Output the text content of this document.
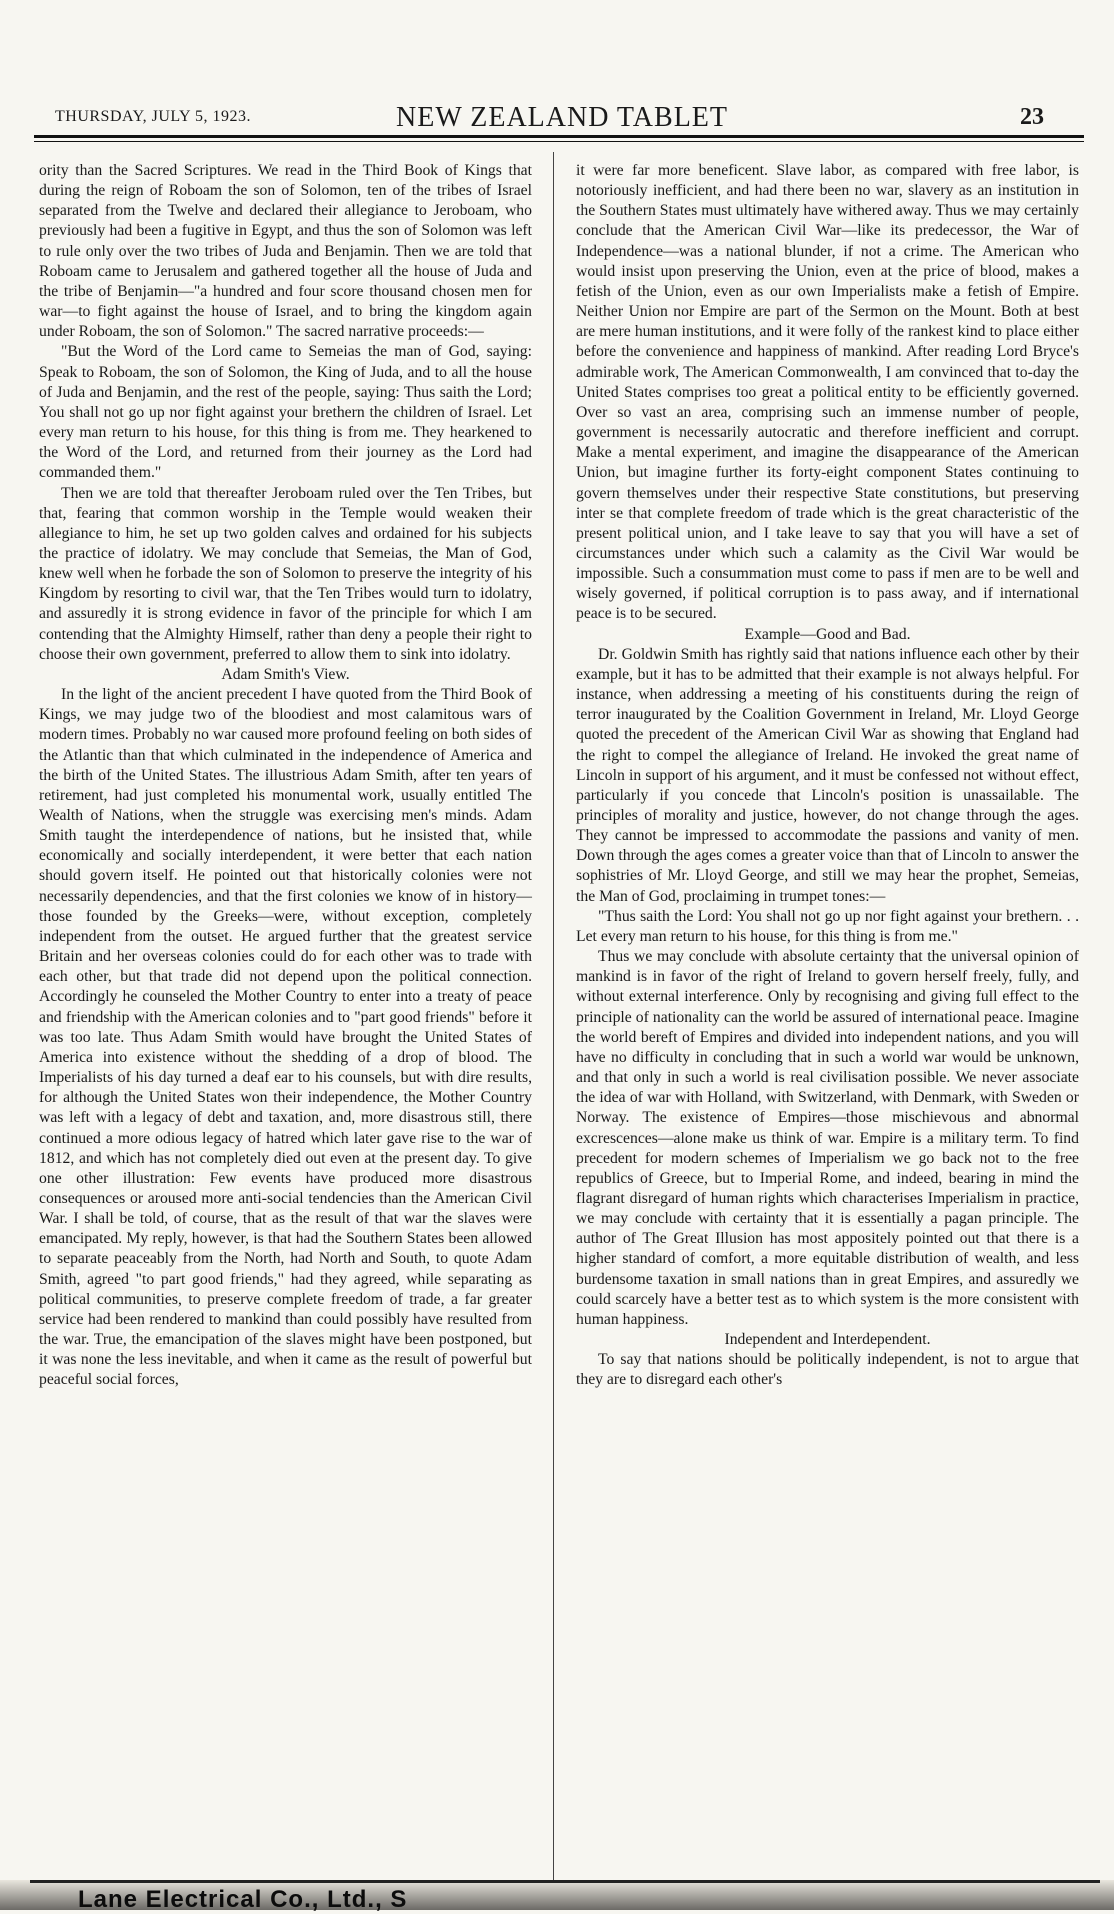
THURSDAY, JULY 5, 1923.	NEW ZEALAND TABLET	23

ority than the Sacred Scriptures. We read in the Third Book of Kings that during the reign of Roboam the son of Solomon, ten of the tribes of Israel separated from the Twelve and declared their allegiance to Jeroboam, who previously had been a fugitive in Egypt, and thus the son of Solomon was left to rule only over the two tribes of Juda and Benjamin. Then we are told that Roboam came to Jerusalem and gathered together all the house of Juda and the tribe of Benjamin—"a hundred and four score thousand chosen men for war—to fight against the house of Israel, and to bring the kingdom again under Roboam, the son of Solomon." The sacred narrative proceeds:—

"But the Word of the Lord came to Semeias the man of God, saying: Speak to Roboam, the son of Solomon, the King of Juda, and to all the house of Juda and Benjamin, and the rest of the people, saying: Thus saith the Lord; You shall not go up nor fight against your brethern the children of Israel. Let every man return to his house, for this thing is from me. They hearkened to the Word of the Lord, and returned from their journey as the Lord had commanded them."

Then we are told that thereafter Jeroboam ruled over the Ten Tribes, but that, fearing that common worship in the Temple would weaken their allegiance to him, he set up two golden calves and ordained for his subjects the practice of idolatry. We may conclude that Semeias, the Man of God, knew well when he forbade the son of Solomon to preserve the integrity of his Kingdom by resorting to civil war, that the Ten Tribes would turn to idolatry, and assuredly it is strong evidence in favor of the principle for which I am contending that the Almighty Himself, rather than deny a people their right to choose their own government, preferred to allow them to sink into idolatry.

Adam Smith's View.

In the light of the ancient precedent I have quoted from the Third Book of Kings, we may judge two of the bloodiest and most calamitous wars of modern times. Probably no war caused more profound feeling on both sides of the Atlantic than that which culminated in the independence of America and the birth of the United States. The illustrious Adam Smith, after ten years of retirement, had just completed his monumental work, usually entitled The Wealth of Nations, when the struggle was exercising men's minds. Adam Smith taught the interdependence of nations, but he insisted that, while economically and socially interdependent, it were better that each nation should govern itself. He pointed out that historically colonies were not necessarily dependencies, and that the first colonies we know of in history—those founded by the Greeks—were, without exception, completely independent from the outset. He argued further that the greatest service Britain and her overseas colonies could do for each other was to trade with each other, but that trade did not depend upon the political connection. Accordingly he counseled the Mother Country to enter into a treaty of peace and friendship with the American colonies and to "part good friends" before it was too late. Thus Adam Smith would have brought the United States of America into existence without the shedding of a drop of blood. The Imperialists of his day turned a deaf ear to his counsels, but with dire results, for although the United States won their independence, the Mother Country was left with a legacy of debt and taxation, and, more disastrous still, there continued a more odious legacy of hatred which later gave rise to the war of 1812, and which has not completely died out even at the present day. To give one other illustration: Few events have produced more disastrous consequences or aroused more anti-social tendencies than the American Civil War. I shall be told, of course, that as the result of that war the slaves were emancipated. My reply, however, is that had the Southern States been allowed to separate peaceably from the North, had North and South, to quote Adam Smith, agreed "to part good friends," had they agreed, while separating as political communities, to preserve complete freedom of trade, a far greater service had been rendered to mankind than could possibly have resulted from the war. True, the emancipation of the slaves might have been postponed, but it was none the less inevitable, and when it came as the result of powerful but peaceful social forces,

it were far more beneficent. Slave labor, as compared with free labor, is notoriously inefficient, and had there been no war, slavery as an institution in the Southern States must ultimately have withered away. Thus we may certainly conclude that the American Civil War—like its predecessor, the War of Independence—was a national blunder, if not a crime. The American who would insist upon preserving the Union, even at the price of blood, makes a fetish of the Union, even as our own Imperialists make a fetish of Empire. Neither Union nor Empire are part of the Sermon on the Mount. Both at best are mere human institutions, and it were folly of the rankest kind to place either before the convenience and happiness of mankind. After reading Lord Bryce's admirable work, The American Commonwealth, I am convinced that to-day the United States comprises too great a political entity to be efficiently governed. Over so vast an area, comprising such an immense number of people, government is necessarily autocratic and therefore inefficient and corrupt. Make a mental experiment, and imagine the disappearance of the American Union, but imagine further its forty-eight component States continuing to govern themselves under their respective State constitutions, but preserving inter se that complete freedom of trade which is the great characteristic of the present political union, and I take leave to say that you will have a set of circumstances under which such a calamity as the Civil War would be impossible. Such a consummation must come to pass if men are to be well and wisely governed, if political corruption is to pass away, and if international peace is to be secured.

Example—Good and Bad.

Dr. Goldwin Smith has rightly said that nations influence each other by their example, but it has to be admitted that their example is not always helpful. For instance, when addressing a meeting of his constituents during the reign of terror inaugurated by the Coalition Government in Ireland, Mr. Lloyd George quoted the precedent of the American Civil War as showing that England had the right to compel the allegiance of Ireland. He invoked the great name of Lincoln in support of his argument, and it must be confessed not without effect, particularly if you concede that Lincoln's position is unassailable. The principles of morality and justice, however, do not change through the ages. They cannot be impressed to accommodate the passions and vanity of men. Down through the ages comes a greater voice than that of Lincoln to answer the sophistries of Mr. Lloyd George, and still we may hear the prophet, Semeias, the Man of God, proclaiming in trumpet tones:—

"Thus saith the Lord: You shall not go up nor fight against your brethern. . . Let every man return to his house, for this thing is from me."

Thus we may conclude with absolute certainty that the universal opinion of mankind is in favor of the right of Ireland to govern herself freely, fully, and without external interference. Only by recognising and giving full effect to the principle of nationality can the world be assured of international peace. Imagine the world bereft of Empires and divided into independent nations, and you will have no difficulty in concluding that in such a world war would be unknown, and that only in such a world is real civilisation possible. We never associate the idea of war with Holland, with Switzerland, with Denmark, with Sweden or Norway. The existence of Empires—those mischievous and abnormal excrescences—alone make us think of war. Empire is a military term. To find precedent for modern schemes of Imperialism we go back not to the free republics of Greece, but to Imperial Rome, and indeed, bearing in mind the flagrant disregard of human rights which characterises Imperialism in practice, we may conclude with certainty that it is essentially a pagan principle. The author of The Great Illusion has most appositely pointed out that there is a higher standard of comfort, a more equitable distribution of wealth, and less burdensome taxation in small nations than in great Empires, and assuredly we could scarcely have a better test as to which system is the more consistent with human happiness.

Independent and Interdependent.

To say that nations should be politically independent, is not to argue that they are to disregard each other's

Lane Electrical Co., Ltd., S
